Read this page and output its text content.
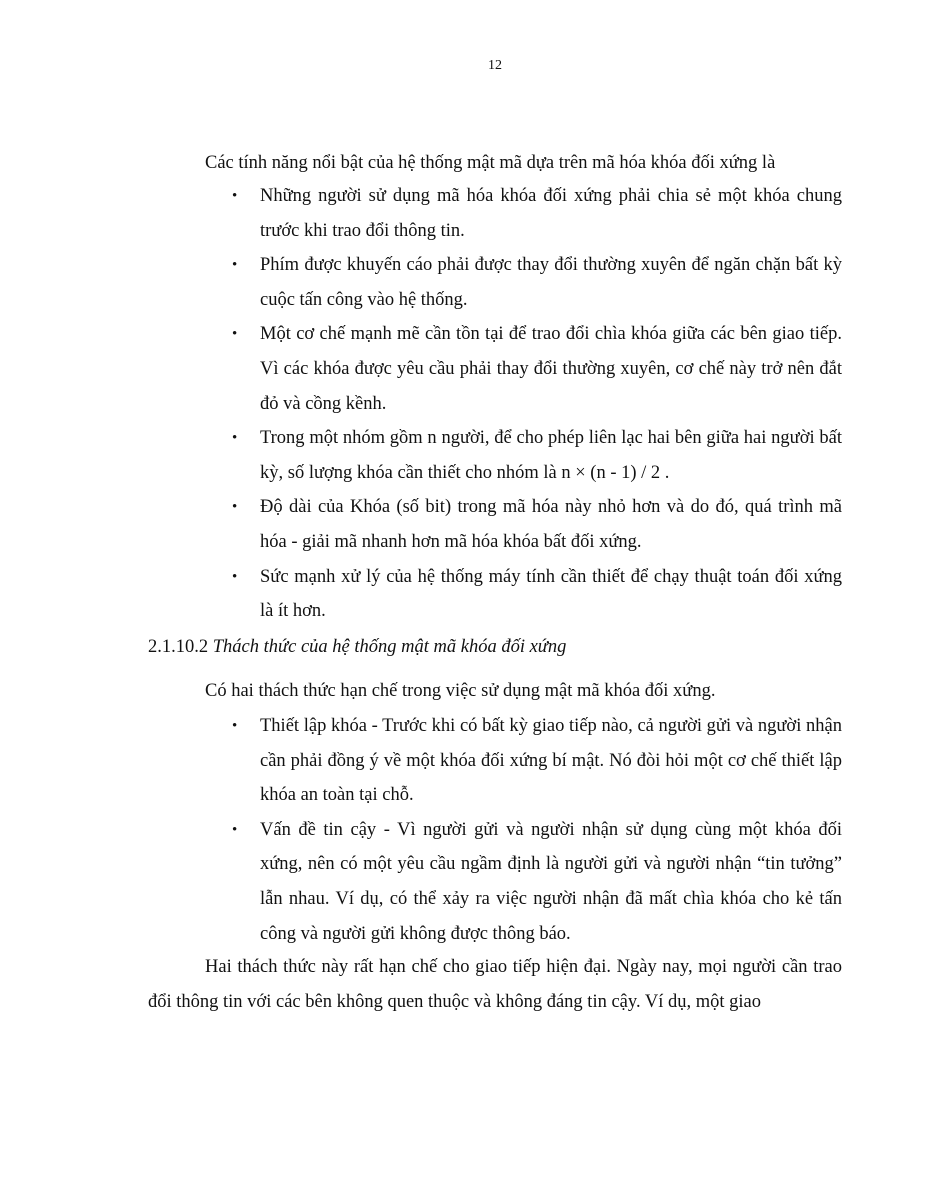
12
Các tính năng nổi bật của hệ thống mật mã dựa trên mã hóa khóa đối xứng là
• Những người sử dụng mã hóa khóa đối xứng phải chia sẻ một khóa chung trước khi trao đổi thông tin.
• Phím được khuyến cáo phải được thay đổi thường xuyên để ngăn chặn bất kỳ cuộc tấn công vào hệ thống.
• Một cơ chế mạnh mẽ cần tồn tại để trao đổi chìa khóa giữa các bên giao tiếp. Vì các khóa được yêu cầu phải thay đổi thường xuyên, cơ chế này trở nên đắt đỏ và cồng kềnh.
• Trong một nhóm gồm n người, để cho phép liên lạc hai bên giữa hai người bất kỳ, số lượng khóa cần thiết cho nhóm là n × (n - 1) / 2 .
• Độ dài của Khóa (số bit) trong mã hóa này nhỏ hơn và do đó, quá trình mã hóa - giải mã nhanh hơn mã hóa khóa bất đối xứng.
• Sức mạnh xử lý của hệ thống máy tính cần thiết để chạy thuật toán đối xứng là ít hơn.
2.1.10.2 Thách thức của hệ thống mật mã khóa đối xứng
Có hai thách thức hạn chế trong việc sử dụng mật mã khóa đối xứng.
• Thiết lập khóa - Trước khi có bất kỳ giao tiếp nào, cả người gửi và người nhận cần phải đồng ý về một khóa đối xứng bí mật. Nó đòi hỏi một cơ chế thiết lập khóa an toàn tại chỗ.
• Vấn đề tin cậy - Vì người gửi và người nhận sử dụng cùng một khóa đối xứng, nên có một yêu cầu ngầm định là người gửi và người nhận “tin tưởng” lẫn nhau. Ví dụ, có thể xảy ra việc người nhận đã mất chìa khóa cho kẻ tấn công và người gửi không được thông báo.
Hai thách thức này rất hạn chế cho giao tiếp hiện đại. Ngày nay, mọi người cần trao đổi thông tin với các bên không quen thuộc và không đáng tin cậy. Ví dụ, một giao
